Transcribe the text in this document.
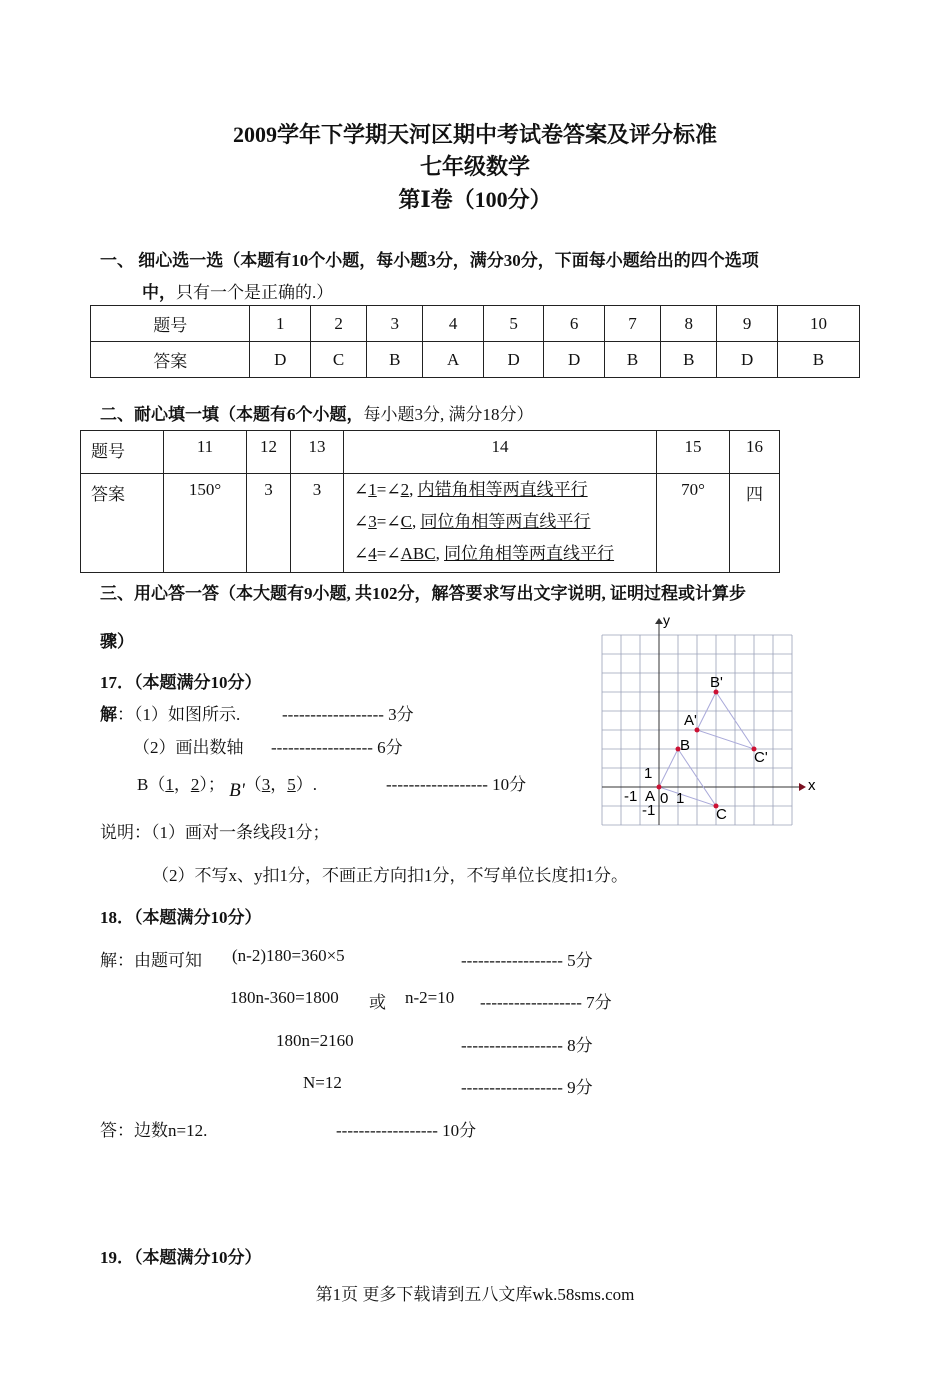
2009学年下学期天河区期中考试卷答案及评分标准
七年级数学
第Ⅰ卷（100分）
一、 细心选一选（本题有10个小题，每小题3分，满分30分，下面每小题给出的四个选项
中，只有一个是正确的.）
题号	1	2	3	4	5	6	7	8	9	10
答案	D	C	B	A	D	D	B	B	D	B
二、耐心填一填（本题有6个小题，每小题3分, 满分18分）
题号	11	12	13	14	15	16
答案	150°	3	3	∠1=∠2, 内错角相等两直线平行
∠3=∠C, 同位角相等两直线平行
∠4=∠ABC, 同位角相等两直线平行	70°	四
三、用心答一答（本大题有9小题, 共102分，解答要求写出文字说明, 证明过程或计算步
骤）
17．（本题满分10分）
解：（1）如图所示. ------------------ 3分
（2）画出数轴 ------------------ 6分
B（1，2）； B'（3，5）.	------------------ 10分
说明：（1）画对一条线段1分；
（2）不写x、y扣1分，不画正方向扣1分，不写单位长度扣1分。
y
x
1
-1 A 0 1
-1
B
C
A'
B'
C'
18．（本题满分10分）
解：由题可知 (n-2)180=360×5	------------------ 5分
180n-360=1800 或 n-2=10 ------------------ 7分
180n=2160	------------------ 8分
N=12	------------------ 9分
答：边数n=12.	------------------ 10分
19．（本题满分10分）
第1页 更多下载请到五八文库wk.58sms.com
